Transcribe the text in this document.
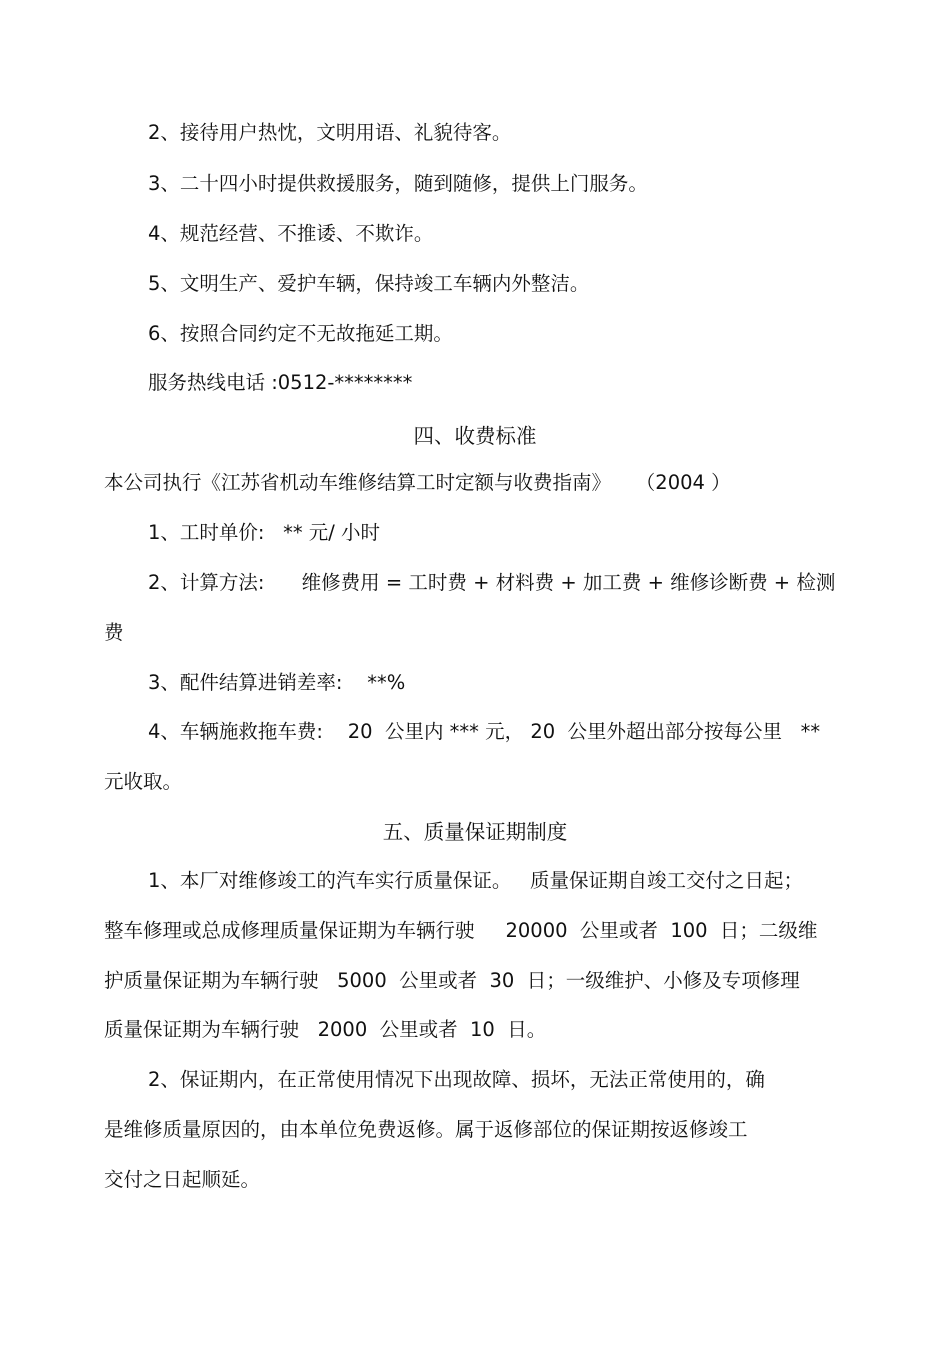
2、接待用户热忱，文明用语、礼貌待客。

3、二十四小时提供救援服务，随到随修，提供上门服务。

4、规范经营、不推诿、不欺诈。

5、文明生产、爱护车辆，保持竣工车辆内外整洁。

6、按照合同约定不无故拖延工期。

服务热线电话 :0512-********

四、收费标准

本公司执行《江苏省机动车维修结算工时定额与收费指南》    （2004 ）

1、工时单价:   ** 元/ 小时

2、计算方法:      维修费用 = 工时费 + 材料费 + 加工费 + 维修诊断费 + 检测

费

3、配件结算进销差率:    **%

4、车辆施救拖车费:    20  公里内 *** 元， 20  公里外超出部分按每公里   **

元收取。

五、质量保证期制度

1、本厂对维修竣工的汽车实行质量保证。   质量保证期自竣工交付之日起；

整车修理或总成修理质量保证期为车辆行驶     20000  公里或者  100  日；二级维

护质量保证期为车辆行驶   5000  公里或者  30  日；一级维护、小修及专项修理

质量保证期为车辆行驶   2000  公里或者  10  日。

2、保证期内，在正常使用情况下出现故障、损坏，无法正常使用的，确

是维修质量原因的，由本单位免费返修。属于返修部位的保证期按返修竣工

交付之日起顺延。
